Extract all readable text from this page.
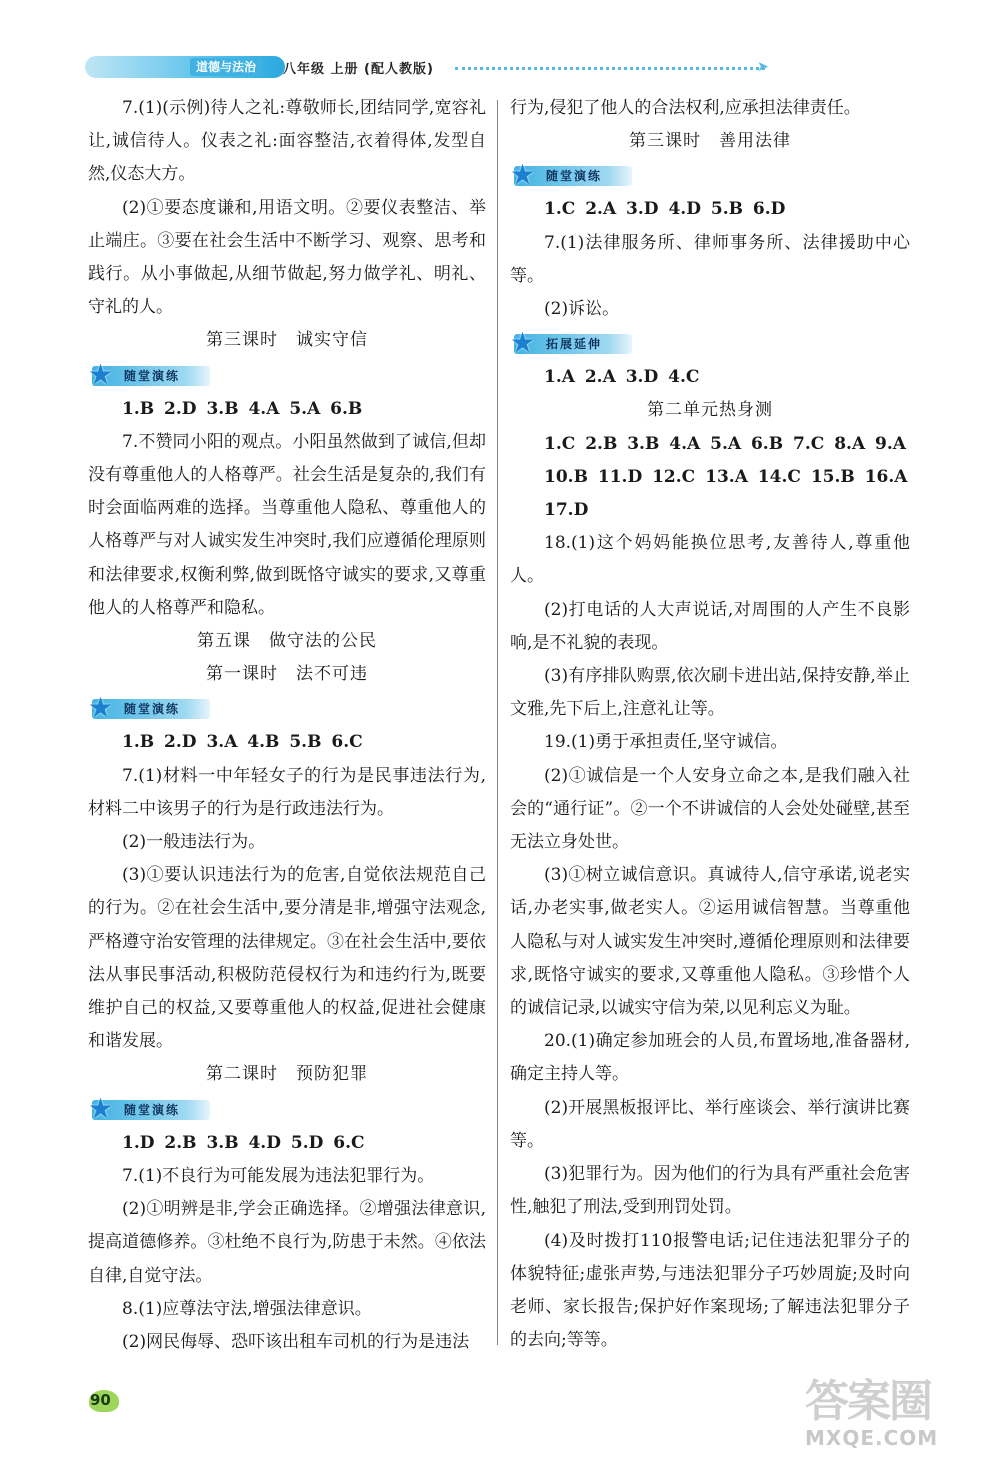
道德与法治	八年级 上册 (配人教版)	➤

7.(1)(示例)待人之礼:尊敬师长,团结同学,宽容礼让,诚信待人。仪表之礼:面容整洁,衣着得体,发型自然,仪态大方。

(2)①要态度谦和,用语文明。②要仪表整洁、举止端庄。③要在社会生活中不断学习、观察、思考和践行。从小事做起,从细节做起,努力做学礼、明礼、守礼的人。

第三课时　诚实守信

★ 随堂演练

1.B 2.D 3.B 4.A 5.A 6.B

7.不赞同小阳的观点。小阳虽然做到了诚信,但却没有尊重他人的人格尊严。社会生活是复杂的,我们有时会面临两难的选择。当尊重他人隐私、尊重他人的人格尊严与对人诚实发生冲突时,我们应遵循伦理原则和法律要求,权衡利弊,做到既恪守诚实的要求,又尊重他人的人格尊严和隐私。

第五课　做守法的公民

第一课时　法不可违

★ 随堂演练

1.B 2.D 3.A 4.B 5.B 6.C

7.(1)材料一中年轻女子的行为是民事违法行为,材料二中该男子的行为是行政违法行为。

(2)一般违法行为。

(3)①要认识违法行为的危害,自觉依法规范自己的行为。②在社会生活中,要分清是非,增强守法观念,严格遵守治安管理的法律规定。③在社会生活中,要依法从事民事活动,积极防范侵权行为和违约行为,既要维护自己的权益,又要尊重他人的权益,促进社会健康和谐发展。

第二课时　预防犯罪

★ 随堂演练

1.D 2.B 3.B 4.D 5.D 6.C

7.(1)不良行为可能发展为违法犯罪行为。

(2)①明辨是非,学会正确选择。②增强法律意识,提高道德修养。③杜绝不良行为,防患于未然。④依法自律,自觉守法。

8.(1)应尊法守法,增强法律意识。

(2)网民侮辱、恐吓该出租车司机的行为是违法

行为,侵犯了他人的合法权利,应承担法律责任。

第三课时　善用法律

★ 随堂演练

1.C 2.A 3.D 4.D 5.B 6.D

7.(1)法律服务所、律师事务所、法律援助中心等。

(2)诉讼。

★ 拓展延伸

1.A 2.A 3.D 4.C

第二单元热身测

1.C 2.B 3.B 4.A 5.A 6.B 7.C 8.A 9.A 10.B 11.D 12.C 13.A 14.C 15.B 16.A 17.D

18.(1)这个妈妈能换位思考,友善待人,尊重他人。

(2)打电话的人大声说话,对周围的人产生不良影响,是不礼貌的表现。

(3)有序排队购票,依次刷卡进出站,保持安静,举止文雅,先下后上,注意礼让等。

19.(1)勇于承担责任,坚守诚信。

(2)①诚信是一个人安身立命之本,是我们融入社会的“通行证”。②一个不讲诚信的人会处处碰壁,甚至无法立身处世。

(3)①树立诚信意识。真诚待人,信守承诺,说老实话,办老实事,做老实人。②运用诚信智慧。当尊重他人隐私与对人诚实发生冲突时,遵循伦理原则和法律要求,既恪守诚实的要求,又尊重他人隐私。③珍惜个人的诚信记录,以诚实守信为荣,以见利忘义为耻。

20.(1)确定参加班会的人员,布置场地,准备器材,确定主持人等。

(2)开展黑板报评比、举行座谈会、举行演讲比赛等。

(3)犯罪行为。因为他们的行为具有严重社会危害性,触犯了刑法,受到刑罚处罚。

(4)及时拨打110报警电话;记住违法犯罪分子的体貌特征;虚张声势,与违法犯罪分子巧妙周旋;及时向老师、家长报告;保护好作案现场;了解违法犯罪分子的去向;等等。

90	答案圈
MXQE.COM
